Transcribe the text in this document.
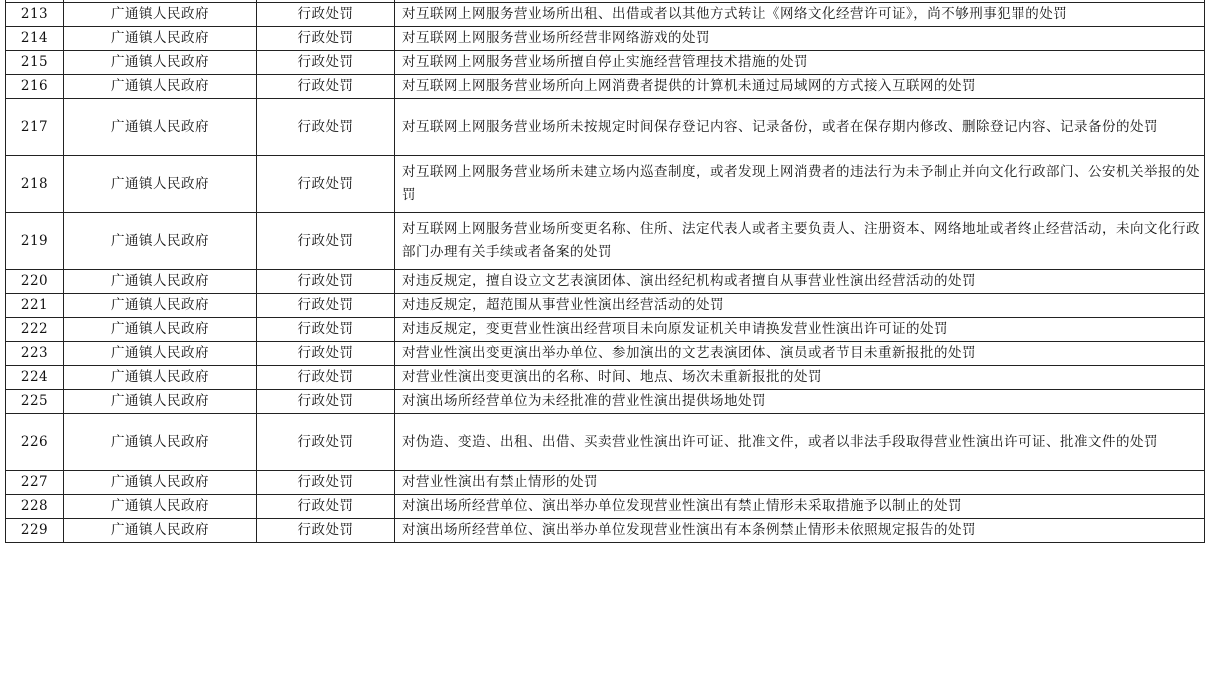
213	广通镇人民政府	行政处罚	对互联网上网服务营业场所出租、出借或者以其他方式转让《网络文化经营许可证》，尚不够刑事犯罪的处罚
214	广通镇人民政府	行政处罚	对互联网上网服务营业场所经营非网络游戏的处罚
215	广通镇人民政府	行政处罚	对互联网上网服务营业场所擅自停止实施经营管理技术措施的处罚
216	广通镇人民政府	行政处罚	对互联网上网服务营业场所向上网消费者提供的计算机未通过局域网的方式接入互联网的处罚
217	广通镇人民政府	行政处罚	对互联网上网服务营业场所未按规定时间保存登记内容、记录备份，或者在保存期内修改、删除登记内容、记录备份的处罚
218	广通镇人民政府	行政处罚	对互联网上网服务营业场所未建立场内巡查制度，或者发现上网消费者的违法行为未予制止并向文化行政部门、公安机关举报的处罚
219	广通镇人民政府	行政处罚	对互联网上网服务营业场所变更名称、住所、法定代表人或者主要负责人、注册资本、网络地址或者终止经营活动，未向文化行政部门办理有关手续或者备案的处罚
220	广通镇人民政府	行政处罚	对违反规定，擅自设立文艺表演团体、演出经纪机构或者擅自从事营业性演出经营活动的处罚
221	广通镇人民政府	行政处罚	对违反规定，超范围从事营业性演出经营活动的处罚
222	广通镇人民政府	行政处罚	对违反规定，变更营业性演出经营项目未向原发证机关申请换发营业性演出许可证的处罚
223	广通镇人民政府	行政处罚	对营业性演出变更演出举办单位、参加演出的文艺表演团体、演员或者节目未重新报批的处罚
224	广通镇人民政府	行政处罚	对营业性演出变更演出的名称、时间、地点、场次未重新报批的处罚
225	广通镇人民政府	行政处罚	对演出场所经营单位为未经批准的营业性演出提供场地处罚
226	广通镇人民政府	行政处罚	对伪造、变造、出租、出借、买卖营业性演出许可证、批准文件，或者以非法手段取得营业性演出许可证、批准文件的处罚
227	广通镇人民政府	行政处罚	对营业性演出有禁止情形的处罚
228	广通镇人民政府	行政处罚	对演出场所经营单位、演出举办单位发现营业性演出有禁止情形未采取措施予以制止的处罚
229	广通镇人民政府	行政处罚	对演出场所经营单位、演出举办单位发现营业性演出有本条例禁止情形未依照规定报告的处罚
